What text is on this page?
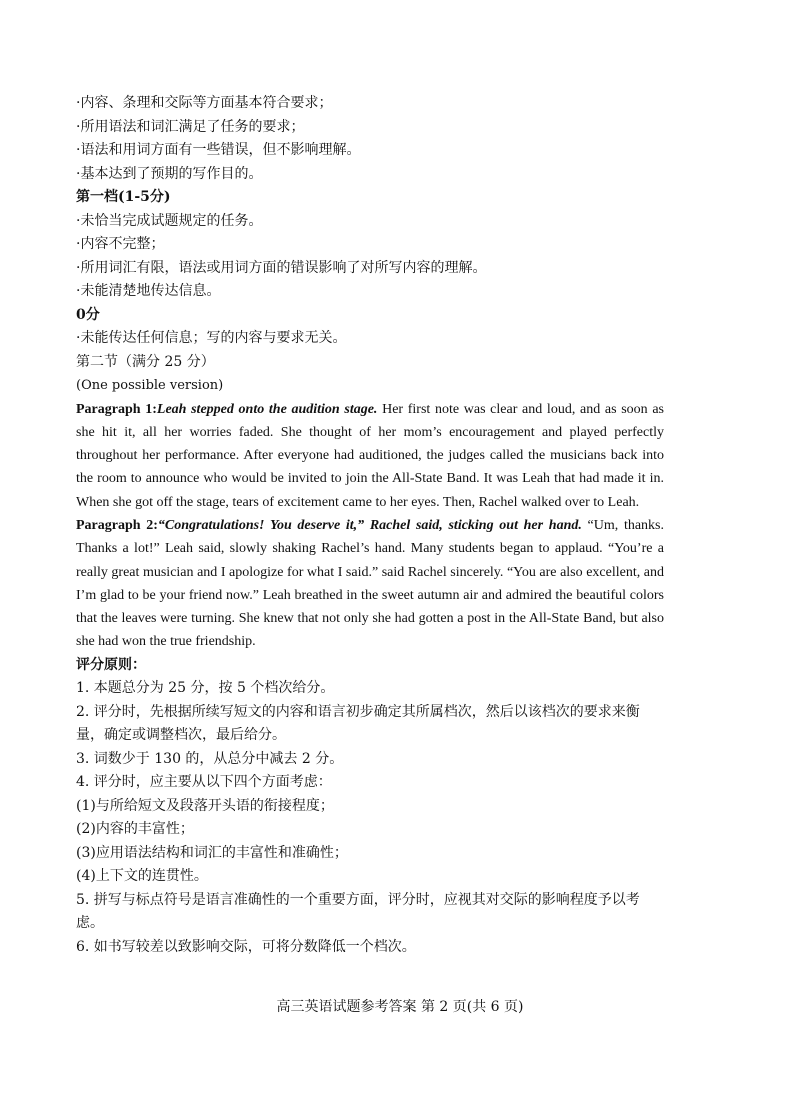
·内容、条理和交际等方面基本符合要求；
·所用语法和词汇满足了任务的要求；
·语法和用词方面有一些错误，但不影响理解。
·基本达到了预期的写作目的。
第一档(1-5分)
·未恰当完成试题规定的任务。
·内容不完整；
·所用词汇有限，语法或用词方面的错误影响了对所写内容的理解。
·未能清楚地传达信息。
0分
·未能传达任何信息；写的内容与要求无关。
第二节（满分 25 分）
(One possible version)

Paragraph 1:Leah stepped onto the audition stage. Her first note was clear and loud, and as soon as she hit it, all her worries faded. She thought of her mom’s encouragement and played perfectly throughout her performance. After everyone had auditioned, the judges called the musicians back into the room to announce who would be invited to join the All-State Band. It was Leah that had made it in. When she got off the stage, tears of excitement came to her eyes. Then, Rachel walked over to Leah.

Paragraph 2:“Congratulations! You deserve it,” Rachel said, sticking out her hand. “Um, thanks. Thanks a lot!” Leah said, slowly shaking Rachel’s hand. Many students began to applaud. “You’re a really great musician and I apologize for what I said.” said Rachel sincerely. “You are also excellent, and I’m glad to be your friend now.” Leah breathed in the sweet autumn air and admired the beautiful colors that the leaves were turning. She knew that not only she had gotten a post in the All-State Band, but also she had won the true friendship.

评分原则：
1. 本题总分为 25 分，按 5 个档次给分。
2. 评分时，先根据所续写短文的内容和语言初步确定其所属档次，然后以该档次的要求来衡量，确定或调整档次，最后给分。
3. 词数少于 130 的，从总分中减去 2 分。
4. 评分时，应主要从以下四个方面考虑：
(1)与所给短文及段落开头语的衔接程度；
(2)内容的丰富性；
(3)应用语法结构和词汇的丰富性和准确性；
(4)上下文的连贯性。
5. 拼写与标点符号是语言准确性的一个重要方面，评分时，应视其对交际的影响程度予以考虑。
6. 如书写较差以致影响交际，可将分数降低一个档次。
高三英语试题参考答案 第 2 页(共 6 页)
